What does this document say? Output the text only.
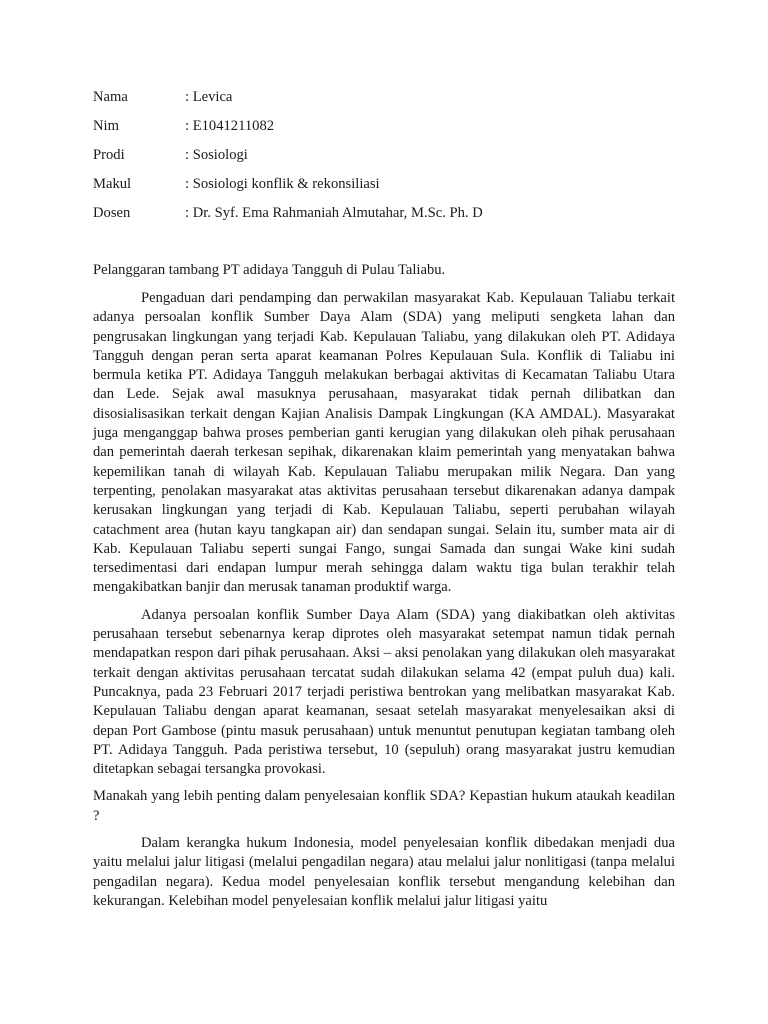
Nama	: Levica
Nim	: E1041211082
Prodi	: Sosiologi
Makul	: Sosiologi konflik & rekonsiliasi
Dosen	: Dr. Syf. Ema Rahmaniah Almutahar, M.Sc. Ph. D
Pelanggaran tambang PT adidaya Tangguh di Pulau Taliabu.

Pengaduan dari pendamping dan perwakilan masyarakat Kab. Kepulauan Taliabu terkait adanya persoalan konflik Sumber Daya Alam (SDA) yang meliputi sengketa lahan dan pengrusakan lingkungan yang terjadi Kab. Kepulauan Taliabu, yang dilakukan oleh PT. Adidaya Tangguh dengan peran serta aparat keamanan Polres Kepulauan Sula. Konflik di Taliabu ini bermula ketika PT. Adidaya Tangguh melakukan berbagai aktivitas di Kecamatan Taliabu Utara dan Lede. Sejak awal masuknya perusahaan, masyarakat tidak pernah dilibatkan dan disosialisasikan terkait dengan Kajian Analisis Dampak Lingkungan (KA AMDAL). Masyarakat juga menganggap bahwa proses pemberian ganti kerugian yang dilakukan oleh pihak perusahaan dan pemerintah daerah terkesan sepihak, dikarenakan klaim pemerintah yang menyatakan bahwa kepemilikan tanah di wilayah Kab. Kepulauan Taliabu merupakan milik Negara. Dan yang terpenting, penolakan masyarakat atas aktivitas perusahaan tersebut dikarenakan adanya dampak kerusakan lingkungan yang terjadi di Kab. Kepulauan Taliabu, seperti perubahan wilayah catachment area (hutan kayu tangkapan air) dan sendapan sungai. Selain itu, sumber mata air di Kab. Kepulauan Taliabu seperti sungai Fango, sungai Samada dan sungai Wake kini sudah tersedimentasi dari endapan lumpur merah sehingga dalam waktu tiga bulan terakhir telah mengakibatkan banjir dan merusak tanaman produktif warga.

Adanya persoalan konflik Sumber Daya Alam (SDA) yang diakibatkan oleh aktivitas perusahaan tersebut sebenarnya kerap diprotes oleh masyarakat setempat namun tidak pernah mendapatkan respon dari pihak perusahaan. Aksi – aksi penolakan yang dilakukan oleh masyarakat terkait dengan aktivitas perusahaan tercatat sudah dilakukan selama 42 (empat puluh dua) kali. Puncaknya, pada 23 Februari 2017 terjadi peristiwa bentrokan yang melibatkan masyarakat Kab. Kepulauan Taliabu dengan aparat keamanan, sesaat setelah masyarakat menyelesaikan aksi di depan Port Gambose (pintu masuk perusahaan) untuk menuntut penutupan kegiatan tambang oleh PT. Adidaya Tangguh. Pada peristiwa tersebut, 10 (sepuluh) orang masyarakat justru kemudian ditetapkan sebagai tersangka provokasi.

Manakah yang lebih penting dalam penyelesaian konflik SDA? Kepastian hukum ataukah keadilan ?

Dalam kerangka hukum Indonesia, model penyelesaian konflik dibedakan menjadi dua yaitu melalui jalur litigasi (melalui pengadilan negara) atau melalui jalur nonlitigasi (tanpa melalui pengadilan negara). Kedua model penyelesaian konflik tersebut mengandung kelebihan dan kekurangan. Kelebihan model penyelesaian konflik melalui jalur litigasi yaitu
